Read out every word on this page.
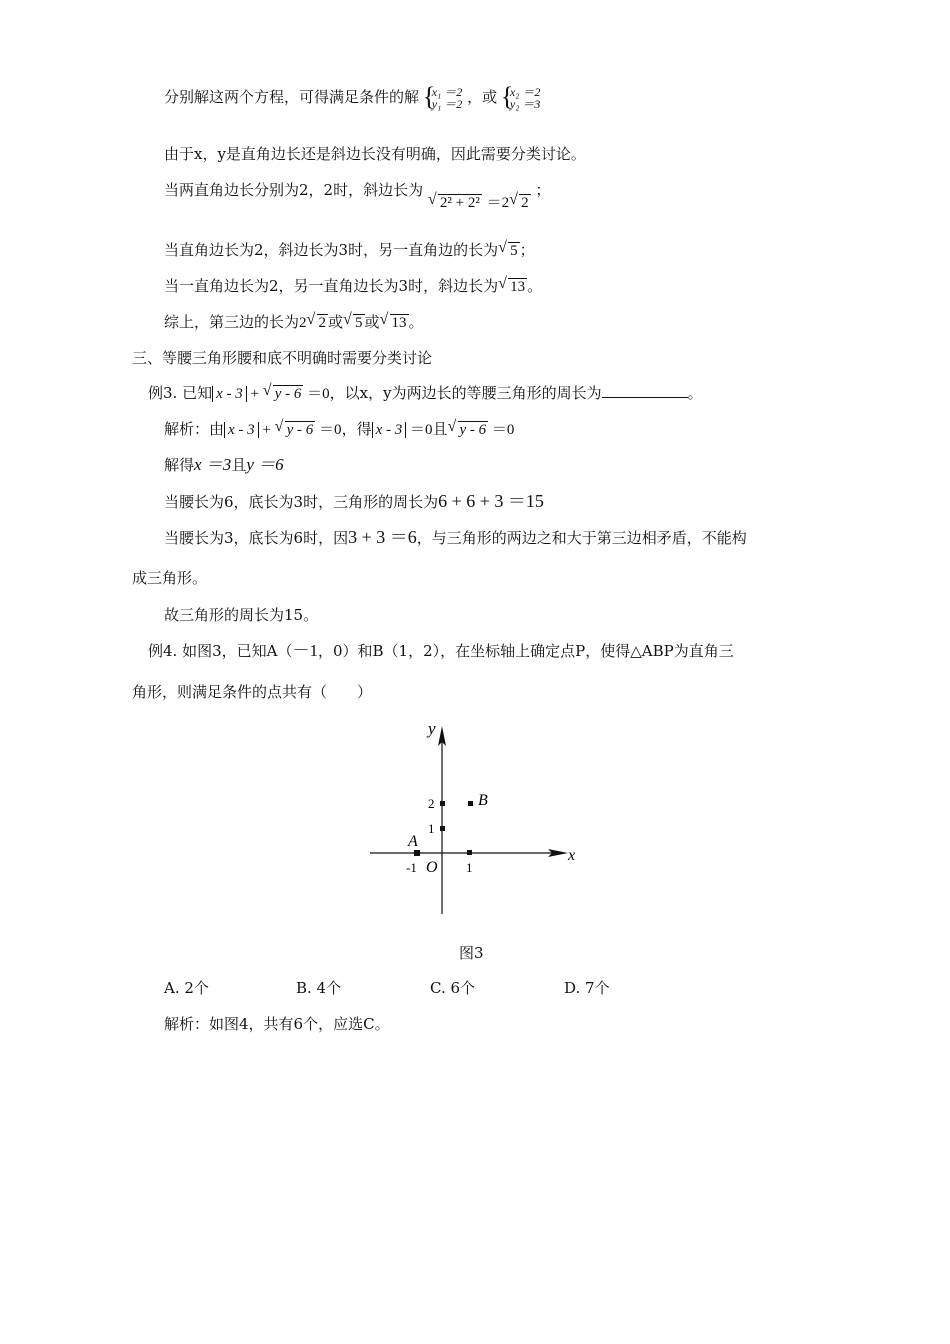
分别解这两个方程，可得满足条件的解 { x₁ ＝2
y₁ ＝2 ，或 { x₂ ＝2
y₂ ＝3
由于x，y是直角边长还是斜边长没有明确，因此需要分类讨论。
当两直角边长分别为2，2时，斜边长为 √ 2² + 2² ＝2 √ 2 ；
当直角边长为2，斜边长为3时，另一直角边的长为 √ 5 ；
当一直角边长为2，另一直角边长为3时，斜边长为 √ 13 。
综上，第三边的长为2 √ 2 或 √ 5 或 √ 13 。
三、等腰三角形腰和底不明确时需要分类讨论
例3. 已知 x - 3 + √ y - 6 ＝0，以x，y为两边长的等腰三角形的周长为	。
解析：由 x - 3 + √ y - 6 ＝0，得 x - 3 ＝0且 √ y - 6 ＝0
解得x ＝3且y ＝6
当腰长为6，底长为3时，三角形的周长为6 + 6 + 3 ＝15
当腰长为3，底长为6时，因3 + 3 ＝6，与三角形的两边之和大于第三边相矛盾，不能构
成三角形。
故三角形的周长为15。
例4. 如图3，已知A（－1，0）和B（1，2），在坐标轴上确定点P，使得△ABP为直角三
角形，则满足条件的点共有（　　）
y
x
A
B
O
-1	1
1
2
图3
A. 2个	B. 4个	C. 6个	D. 7个
解析：如图4，共有6个，应选C。
